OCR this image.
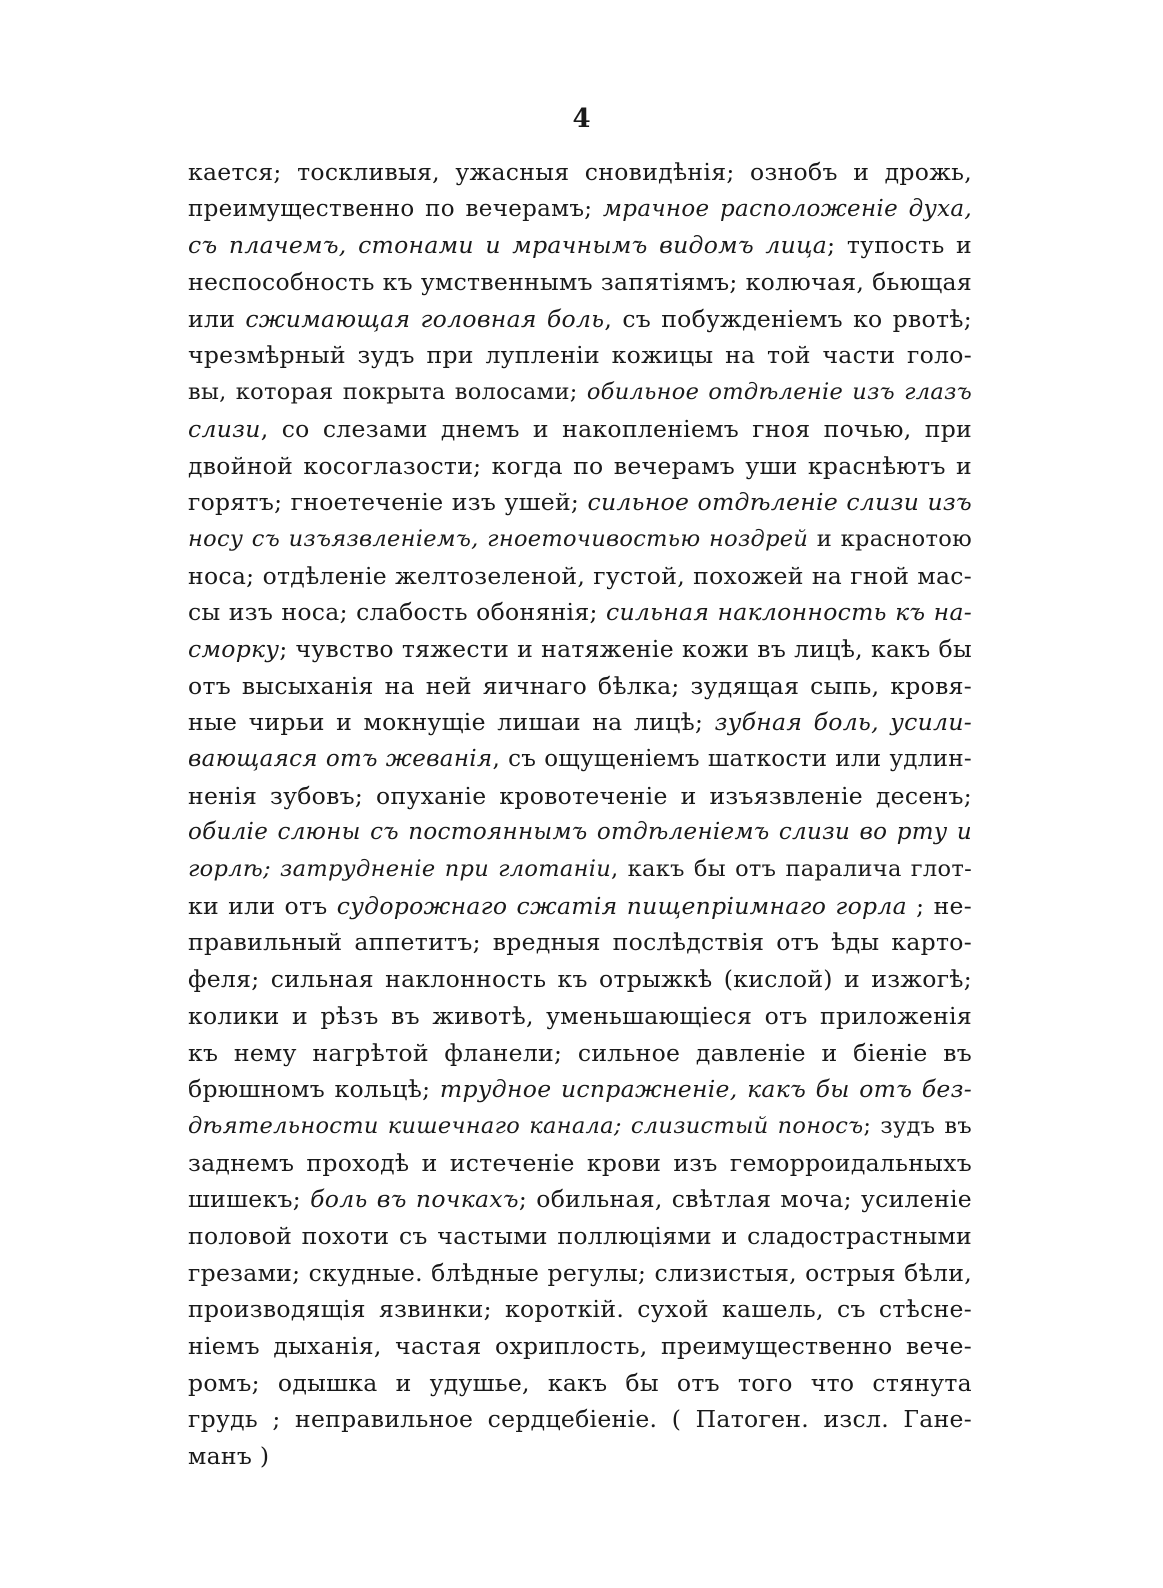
4
кается; тоскливыя, ужасныя сновидѣнія; ознобъ и дрожь,
преимущественно по вечерамъ; мрачное расположеніе духа,
съ плачемъ, стонами и мрачнымъ видомъ лица; тупость и
неспособность къ умственнымъ запятіямъ; колючая, бьющая
или сжимающая головная боль, съ побужденіемъ ко рвотѣ;
чрезмѣрный зудъ при лупленіи кожицы на той части голо-
вы, которая покрыта волосами; обильное отдѣленіе изъ глазъ
слизи, со слезами днемъ и накопленіемъ гноя почью, при
двойной косоглазости; когда по вечерамъ уши краснѣютъ и
горятъ; гноетеченіе изъ ушей; сильное отдѣленіе слизи изъ
носу съ изъязвленіемъ, гноеточивостью ноздрей и краснотою
носа; отдѣленіе желтозеленой, густой, похожей на гной мас-
сы изъ носа; слабость обонянія; сильная наклонность къ на-
сморку; чувство тяжести и натяженіе кожи въ лицѣ, какъ бы
отъ высыханія на ней яичнаго бѣлка; зудящая сыпь, кровя-
ные чирьи и мокнущіе лишаи на лицѣ; зубная боль, усили-
вающаяся отъ жеванія, съ ощущеніемъ шаткости или удлин-
ненія зубовъ; опуханіе кровотеченіе и изъязвленіе десенъ;
обиліе слюны съ постояннымъ отдѣленіемъ слизи во рту и
горлѣ; затрудненіе при глотаніи, какъ бы отъ паралича глот-
ки или отъ судорожнаго сжатія пищепріимнаго горла ; не-
правильный аппетитъ; вредныя послѣдствія отъ ѣды карто-
феля; сильная наклонность къ отрыжкѣ (кислой) и изжогѣ;
колики и рѣзъ въ животѣ, уменьшающіеся отъ приложенія
къ нему нагрѣтой фланели; сильное давленіе и біеніе въ
брюшномъ кольцѣ; трудное испражненіе, какъ бы отъ без-
дѣятельности кишечнаго канала; слизистый поносъ; зудъ въ
заднемъ проходѣ и истеченіе крови изъ геморроидальныхъ
шишекъ; боль въ почкахъ; обильная, свѣтлая моча; усиленіе
половой похоти съ частыми поллюціями и сладострастными
грезами; скудные. блѣдные регулы; слизистыя, острыя бѣли,
производящія язвинки; короткій. сухой кашель, съ стѣсне-
ніемъ дыханія, частая охриплость, преимущественно вече-
ромъ; одышка и удушье, какъ бы отъ того что стянута
грудь ; неправильное сердцебіеніе. ( Патоген. изсл. Гане-
манъ )
